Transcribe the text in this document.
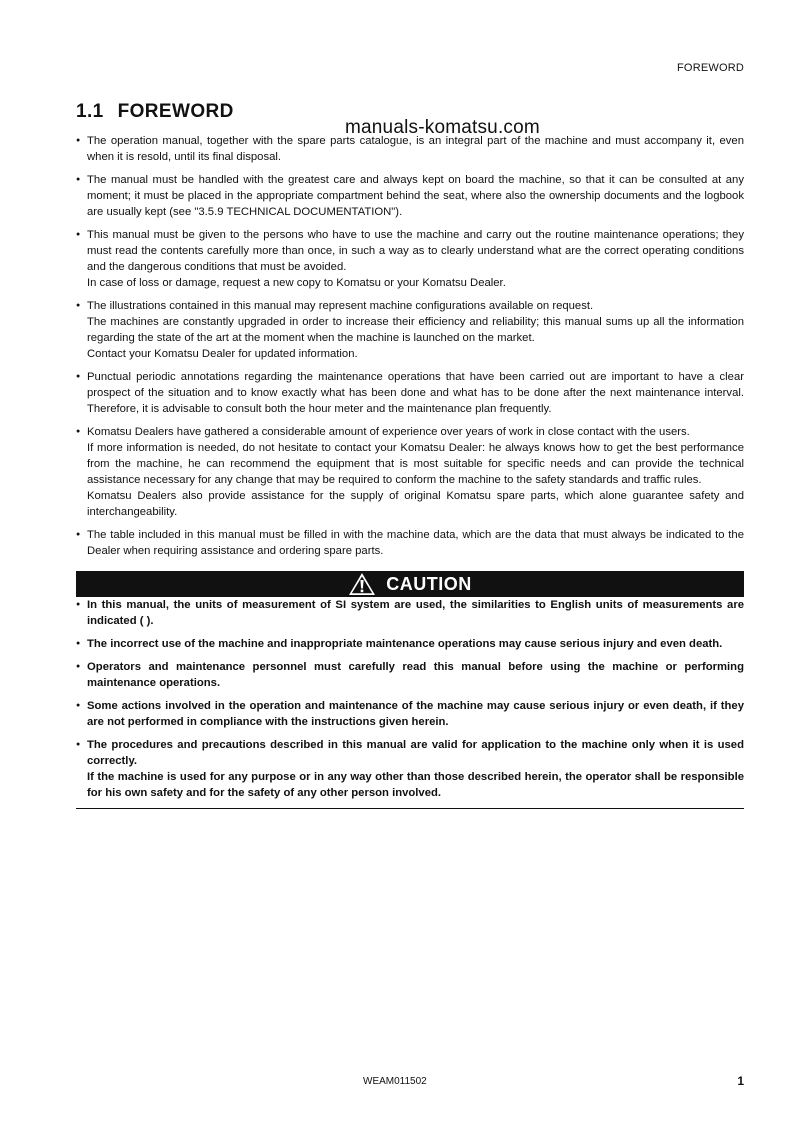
FOREWORD
1.1 FOREWORD
manuals-komatsu.com

● The operation manual, together with the spare parts catalogue, is an integral part of the machine and must accompany it, even when it is resold, until its final disposal.

● The manual must be handled with the greatest care and always kept on board the machine, so that it can be consulted at any moment; it must be placed in the appropriate compartment behind the seat, where also the ownership documents and the logbook are usually kept (see "3.5.9 TECHNICAL DOCUMENTATION").

● This manual must be given to the persons who have to use the machine and carry out the routine maintenance operations; they must read the contents carefully more than once, in such a way as to clearly understand what are the correct operating conditions and the dangerous conditions that must be avoided.

In case of loss or damage, request a new copy to Komatsu or your Komatsu Dealer.

● The illustrations contained in this manual may represent machine configurations available on request.

The machines are constantly upgraded in order to increase their efficiency and reliability; this manual sums up all the information regarding the state of the art at the moment when the machine is launched on the market.

Contact your Komatsu Dealer for updated information.

● Punctual periodic annotations regarding the maintenance operations that have been carried out are important to have a clear prospect of the situation and to know exactly what has been done and what has to be done after the next maintenance interval. Therefore, it is advisable to consult both the hour meter and the maintenance plan frequently.

● Komatsu Dealers have gathered a considerable amount of experience over years of work in close contact with the users.

If more information is needed, do not hesitate to contact your Komatsu Dealer: he always knows how to get the best performance from the machine, he can recommend the equipment that is most suitable for specific needs and can provide the technical assistance necessary for any change that may be required to conform the machine to the safety standards and traffic rules.

Komatsu Dealers also provide assistance for the supply of original Komatsu spare parts, which alone guarantee safety and interchangeability.

● The table included in this manual must be filled in with the machine data, which are the data that must always be indicated to the Dealer when requiring assistance and ordering spare parts.

CAUTION

● In this manual, the units of measurement of SI system are used, the similarities to English units of measurements are indicated ( ).

● The incorrect use of the machine and inappropriate maintenance operations may cause serious injury and even death.

● Operators and maintenance personnel must carefully read this manual before using the machine or performing maintenance operations.

● Some actions involved in the operation and maintenance of the machine may cause serious injury or even death, if they are not performed in compliance with the instructions given herein.

● The procedures and precautions described in this manual are valid for application to the machine only when it is used correctly.

If the machine is used for any purpose or in any way other than those described herein, the operator shall be responsible for his own safety and for the safety of any other person involved.

WEAM011502	1
